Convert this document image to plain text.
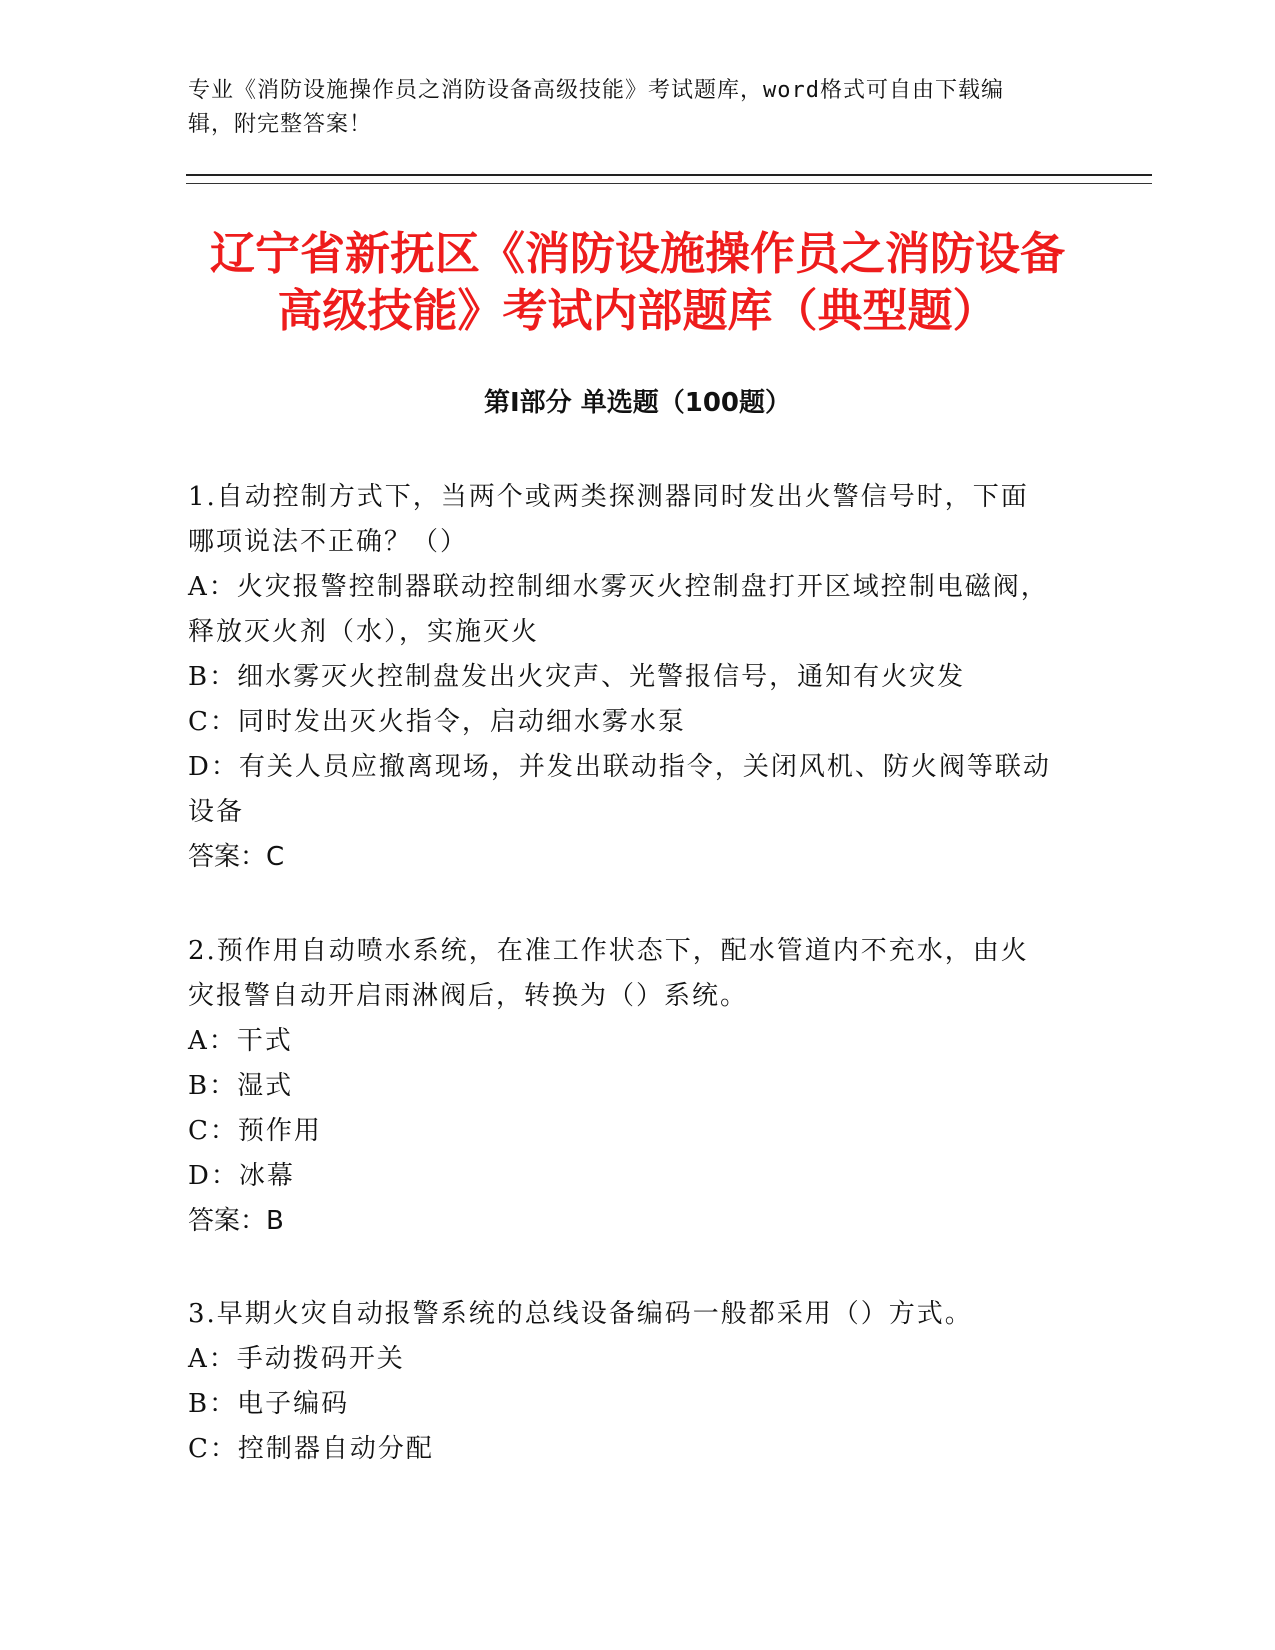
专业《消防设施操作员之消防设备高级技能》考试题库，word格式可自由下载编
辑，附完整答案！
辽宁省新抚区《消防设施操作员之消防设备
高级技能》考试内部题库（典型题）
第Ⅰ部分 单选题（100题）
1.自动控制方式下，当两个或两类探测器同时发出火警信号时，下面
哪项说法不正确？（）
A：火灾报警控制器联动控制细水雾灭火控制盘打开区域控制电磁阀，
释放灭火剂（水），实施灭火
B：细水雾灭火控制盘发出火灾声、光警报信号，通知有火灾发
C：同时发出灭火指令，启动细水雾水泵
D：有关人员应撤离现场，并发出联动指令，关闭风机、防火阀等联动
设备
答案：C
2.预作用自动喷水系统，在准工作状态下，配水管道内不充水，由火
灾报警自动开启雨淋阀后，转换为（）系统。
A：干式
B：湿式
C：预作用
D：冰幕
答案：B
3.早期火灾自动报警系统的总线设备编码一般都采用（）方式。
A：手动拨码开关
B：电子编码
C：控制器自动分配
